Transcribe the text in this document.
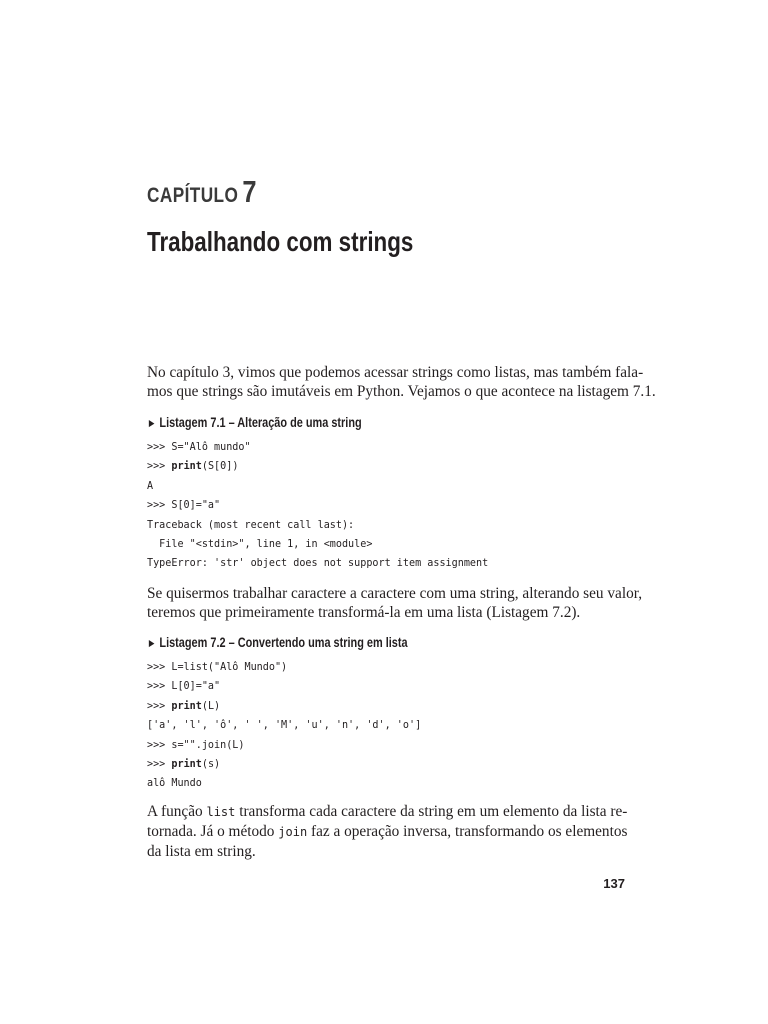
CAPÍTULO 7
Trabalhando com strings

No capítulo 3, vimos que podemos acessar strings como listas, mas também fala-
mos que strings são imutáveis em Python. Vejamos o que acontece na listagem 7.1.

► Listagem 7.1 – Alteração de uma string
>>> S="Alô mundo"
>>> print(S[0])
A
>>> S[0]="a"
Traceback (most recent call last):
File "<stdin>", line 1, in <module>
TypeError: 'str' object does not support item assignment

Se quisermos trabalhar caractere a caractere com uma string, alterando seu valor,
teremos que primeiramente transformá-la em uma lista (Listagem 7.2).

► Listagem 7.2 – Convertendo uma string em lista
>>> L=list("Alô Mundo")
>>> L[0]="a"
>>> print(L)
['a', 'l', 'ô', ' ', 'M', 'u', 'n', 'd', 'o']
>>> s="".join(L)
>>> print(s)
alô Mundo

A função list transforma cada caractere da string em um elemento da lista re-
tornada. Já o método join faz a operação inversa, transformando os elementos
da lista em string.

137
